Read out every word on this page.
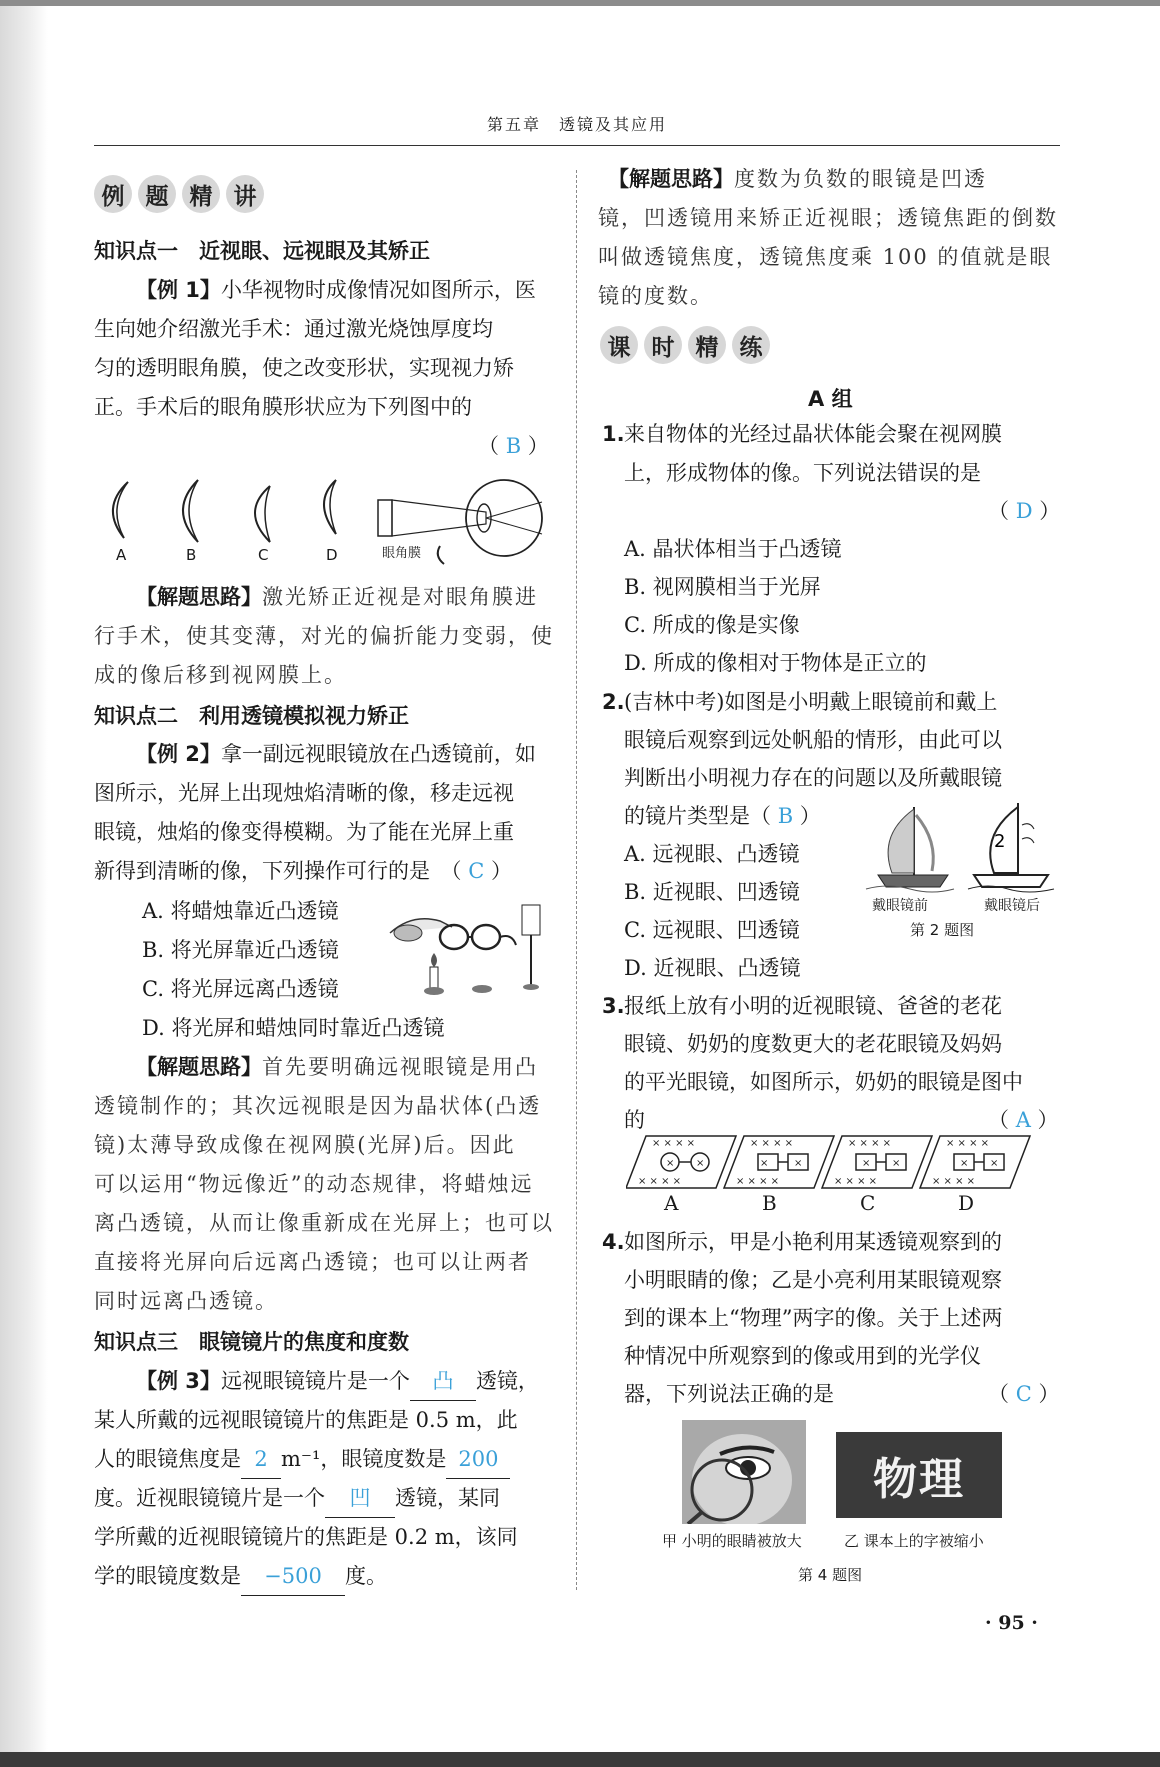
第五章　透镜及其应用
例 题 精 讲
知识点一　近视眼、远视眼及其矫正
【例 1】小华视物时成像情况如图所示，医
生向她介绍激光手术：通过激光烧蚀厚度均
匀的透明眼角膜，使之改变形状，实现视力矫
正。手术后的眼角膜形状应为下列图中的
（ B ）
A	B	C	D	眼角膜
【解题思路】激光矫正近视是对眼角膜进
行手术，使其变薄，对光的偏折能力变弱，使
成的像后移到视网膜上。
知识点二　利用透镜模拟视力矫正
【例 2】拿一副远视眼镜放在凸透镜前，如
图所示，光屏上出现烛焰清晰的像，移走远视
眼镜，烛焰的像变得模糊。为了能在光屏上重
新得到清晰的像，下列操作可行的是　（ C ）
A. 将蜡烛靠近凸透镜
B. 将光屏靠近凸透镜
C. 将光屏远离凸透镜
D. 将光屏和蜡烛同时靠近凸透镜
【解题思路】首先要明确远视眼镜是用凸
透镜制作的；其次远视眼是因为晶状体(凸透
镜)太薄导致成像在视网膜(光屏)后。因此
可以运用“物远像近”的动态规律，将蜡烛远
离凸透镜，从而让像重新成在光屏上；也可以
直接将光屏向后远离凸透镜；也可以让两者
同时远离凸透镜。
知识点三　眼镜镜片的焦度和度数
【例 3】远视眼镜镜片是一个 凸 透镜，
某人所戴的远视眼镜镜片的焦距是 0.5 m，此
人的眼镜焦度是 2 m⁻¹，眼镜度数是 200
度。近视眼镜镜片是一个 凹 透镜，某同
学所戴的近视眼镜镜片的焦距是 0.2 m，该同
学的眼镜度数是 −500 度。
【解题思路】度数为负数的眼镜是凹透
镜，凹透镜用来矫正近视眼；透镜焦距的倒数
叫做透镜焦度，透镜焦度乘 100 的值就是眼
镜的度数。
课 时 精 练
A 组
1. 来自物体的光经过晶状体能会聚在视网膜
上，形成物体的像。下列说法错误的是
（ D ）
A. 晶状体相当于凸透镜
B. 视网膜相当于光屏
C. 所成的像是实像
D. 所成的像相对于物体是正立的
2. (吉林中考)如图是小明戴上眼镜前和戴上
眼镜后观察到远处帆船的情形，由此可以
判断出小明视力存在的问题以及所戴眼镜
的镜片类型是（ B ）
A. 远视眼、凸透镜
B. 近视眼、凹透镜
C. 远视眼、凹透镜
D. 近视眼、凸透镜
2
戴眼镜前	戴眼镜后
第 2 题图
3. 报纸上放有小明的近视眼镜、爸爸的老花
眼镜、奶奶的度数更大的老花眼镜及妈妈
的平光眼镜，如图所示，奶奶的眼镜是图中
的	（ A ）
× × × ×
× × × ×
× × × ×
× × × ×
× × × ×
× × × ×
× × × ×
× × × ×
× ×	×	×	× ×	× ×
A	B	C	D
4. 如图所示，甲是小艳利用某透镜观察到的
小明眼睛的像；乙是小亮利用某眼镜观察
到的课本上“物理”两字的像。关于上述两
种情况中所观察到的像或用到的光学仪
器，下列说法正确的是	（ C ）
物理
甲 小明的眼睛被放大	乙 课本上的字被缩小
第 4 题图
· 95 ·
